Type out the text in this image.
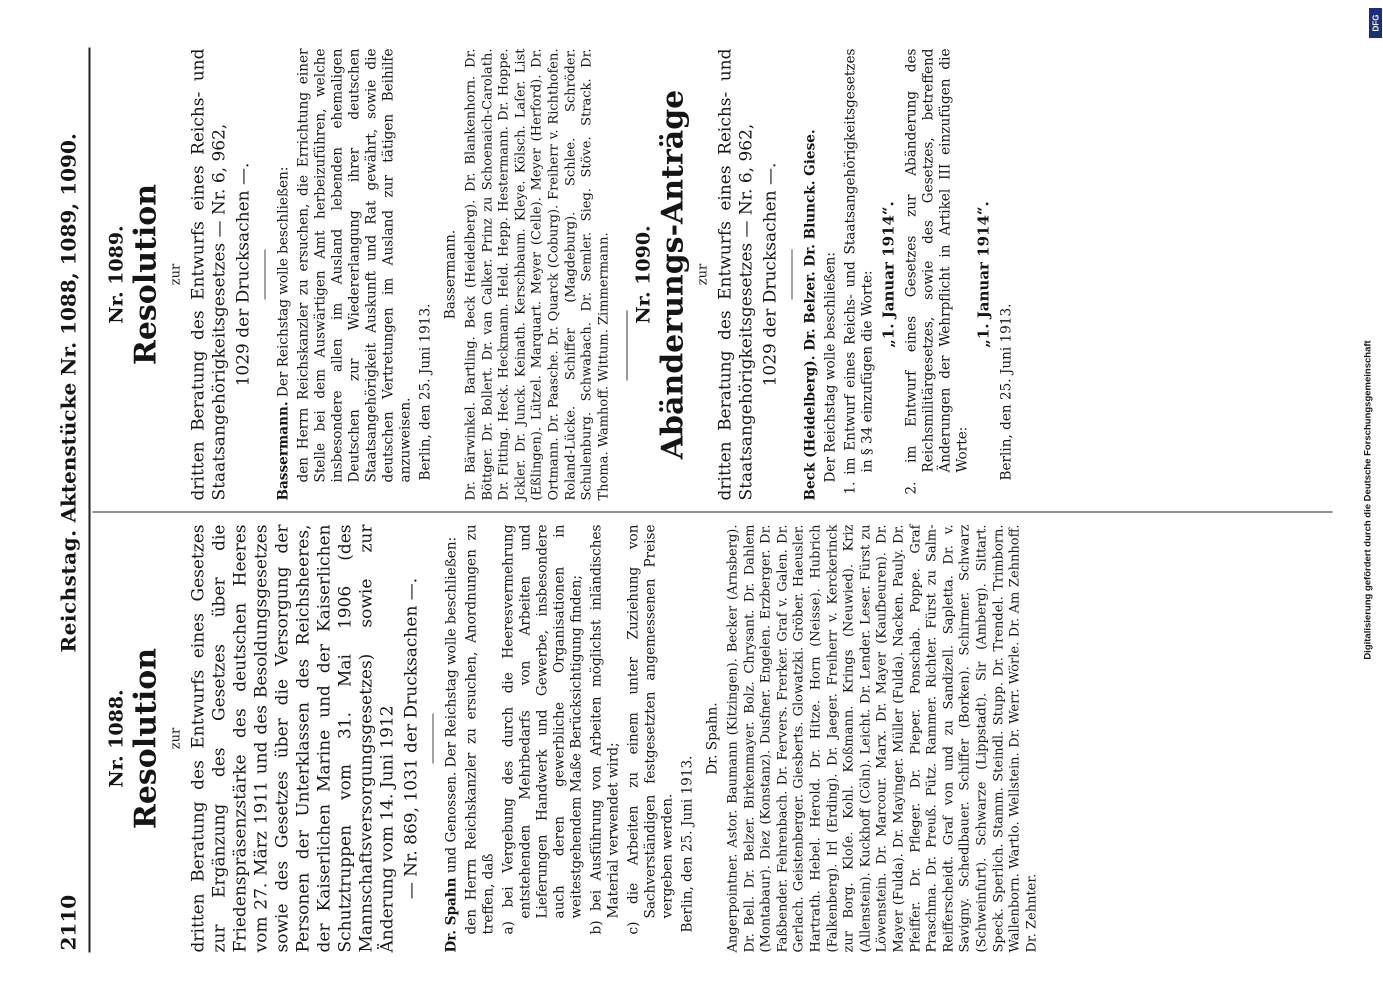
2110
Reichstag.
Aktenstücke Nr. 1088, 1089, 1090.
Nr. 1088. Resolution zur dritten Beratung des Entwurfs eines Gesetzes zur Ergänzung des Gesetzes über die Friedenspräsenzstärke des deutschen Heeres vom 27. März 1911 und des Besoldungsgesetzes sowie des Gesetzes über die Versorgung der Personen der Unterklassen des Reichsheeres, der Kaiserlichen Marine und der Kaiserlichen Schutztruppen vom 31. Mai 1906 (des Mannschaftsversorgungsgesetzes) sowie zur Änderung vom 14. Juni 1912 — Nr. 869, 1031 der Drucksachen —.

Dr. Spahn und Genossen. Der Reichstag wolle beschließen: den Herrn Reichskanzler zu ersuchen, Anordnungen zu treffen, daß a) bei Vergebung des durch die Heeresvermehrung entstehenden Mehrbedarfs von Arbeiten und Lieferungen Handwerk und Gewerbe, insbesondere auch deren gewerbliche Organisationen in weitestgehendem Maße Berücksichtigung finden; b) bei Ausführung von Arbeiten möglichst inländisches Material verwendet wird; c) die Arbeiten zu einem unter Zuziehung von Sachverständigen festgesetzten angemessenen Preise vergeben werden. Berlin, den 25. Juni 1913.

Dr. Spahn. Angerpointner. Astor. Baumann (Kitzingen). Becker (Arnsberg). Dr. Bell. Dr. Belzer. Birkenmayer. Bolz. Chrysant. Dr. Dahlem (Montabaur). Diez (Konstanz). Dusfner. Engelen. Erzberger. Dr. Faßbender. Fehrenbach. Dr. Fervers. Frerker. Graf v. Galen. Dr. Gerlach. Geistenberger. Giesberts. Glowatzki. Gröber. Haeusler. Hartrath. Hebel. Herold. Dr. Hitze. Horn (Neisse). Hubrich (Falkenberg). Irl (Erding). Dr. Jaeger. Freiherr v. Kerckerinck zur Borg. Kloſe. Kohl. Koßmann. Krings (Neuwied). Kriz (Allenstein). Kuckhoff (Cöln). Leicht. Dr. Lender. Leser. Fürst zu Löwenstein. Dr. Marcour. Marx. Dr. Mayer (Kaufbeuren). Dr. Mayer (Fulda). Dr. Mayinger. Müller (Fulda). Nacken. Pauly. Dr. Pfeiffer. Dr. Pfleger. Dr. Pieper. Ponschab. Poppe. Graf Praschma. Dr. Preuß. Pütz. Rammer. Richter. Fürst zu Salm-Reifferscheidt. Graf von und zu Sandizell. Sapletta. Dr. v. Savigny. Schedlbauer. Schiffer (Borken). Schirmer. Schwarz (Schweinfurt). Schwarze (Lippstadt). Sir (Amberg). Sittart. Speck. Sperlich. Stamm. Steindl. Stupp. Dr. Trendel. Trimborn. Wallenborn. Wartlo. Wellstein. Dr. Werr. Wörle. Dr. Am Zehnhoff. Dr. Zehnter.

Nr. 1089. Resolution zur dritten Beratung des Entwurfs eines Reichs- und Staatsangehörigkeitsgesetzes — Nr. 6, 962, 1029 der Drucksachen —.

Bassermann. Der Reichstag wolle beschließen: den Herrn Reichskanzler zu ersuchen, die Errichtung einer Stelle bei dem Auswärtigen Amt herbeizuführen, welche insbesondere allen im Ausland lebenden ehemaligen Deutschen zur Wiedererlangung ihrer deutschen Staatsangehörigkeit Auskunft und Rat gewährt, sowie die deutschen Vertretungen im Ausland zur tätigen Beihilfe anzuweisen. Berlin, den 25. Juni 1913.

Bassermann. Dr. Bärwinkel. Bartling. Beck (Heidelberg). Dr. Blankenhorn. Dr. Böttger. Dr. Bollert. Dr. van Calker. Prinz zu Schoenaich-Carolath. Dr. Fitting. Heck. Heckmann. Held. Hepp. Hestermann. Dr. Hoppe. Jckler. Dr. Junck. Keinath. Kerschbaum. Kleye. Kölsch. Laſer. List (Eßlingen). Lützel. Marquart. Meyer (Celle). Meyer (Herford). Dr. Ortmann. Dr. Paasche. Dr. Quarck (Coburg). Freiherr v. Richthofen. Roland-Lücke. Schiffer (Magdeburg). Schlee. Schröder. Schulenburg. Schwabach. Dr. Semler. Sieg. Stöve. Strack. Dr. Thoma. Wamhoff. Wittum. Zimmermann. Nr. 1090. Abänderungs-Anträge zur dritten Beratung des Entwurfs eines Reichs- und Staatsangehörigkeitsgesetzes — Nr. 6, 962, 1029 der Drucksachen —. Beck (Heidelberg). Dr. Belzer. Dr. Blunck. Giese. Der Reichstag wolle beschließen: 1. im Entwurf eines Reichs- und Staatsangehörigkeitsgesetzes in § 34 einzufügen die Worte: „1. Januar 1914“. 2. im Entwurf eines Gesetzes zur Abänderung des Reichsmilitärgesetzes, sowie des Gesetzes, betreffend Änderungen der Wehrpflicht in Artikel III einzufügen die Worte:

„1. Januar 1914“.

Berlin, den 25. Juni 1913.	Digitalisierung gefördert durch die Deutsche Forschungsgemeinschaft
DFG
